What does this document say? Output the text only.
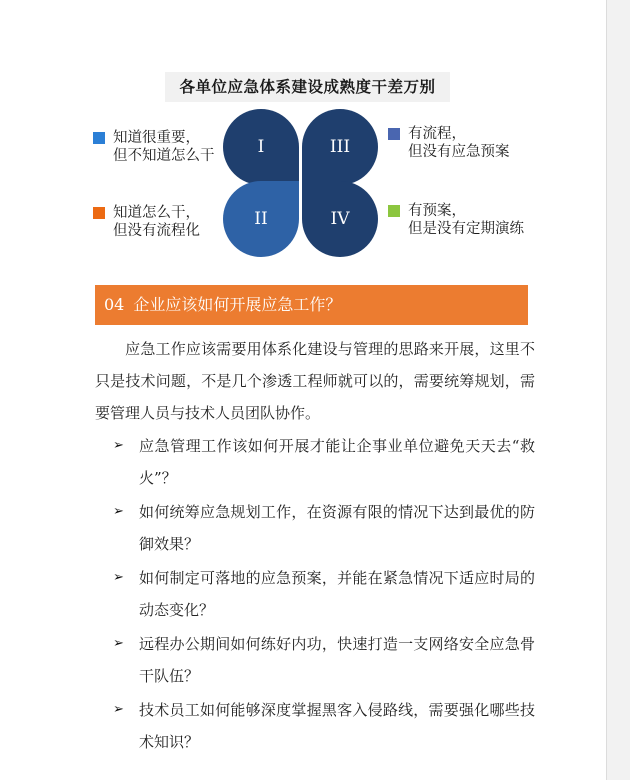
各单位应急体系建设成熟度干差万别
知道很重要，
但不知道怎么干
知道怎么干，
但没有流程化
有流程，
但没有应急预案
有预案，
但是没有定期演练
I	III
II	IV
04 企业应该如何开展应急工作？
应急工作应该需要用体系化建设与管理的思路来开展，这里不只是技术问题，不是几个渗透工程师就可以的，需要统筹规划，需要管理人员与技术人员团队协作。
➢ 应急管理工作该如何开展才能让企事业单位避免天天去“救火”？
➢ 如何统筹应急规划工作，在资源有限的情况下达到最优的防御效果？
➢ 如何制定可落地的应急预案，并能在紧急情况下适应时局的动态变化？
➢ 远程办公期间如何练好内功，快速打造一支网络安全应急骨干队伍？
➢ 技术员工如何能够深度掌握黑客入侵路线，需要强化哪些技术知识？
